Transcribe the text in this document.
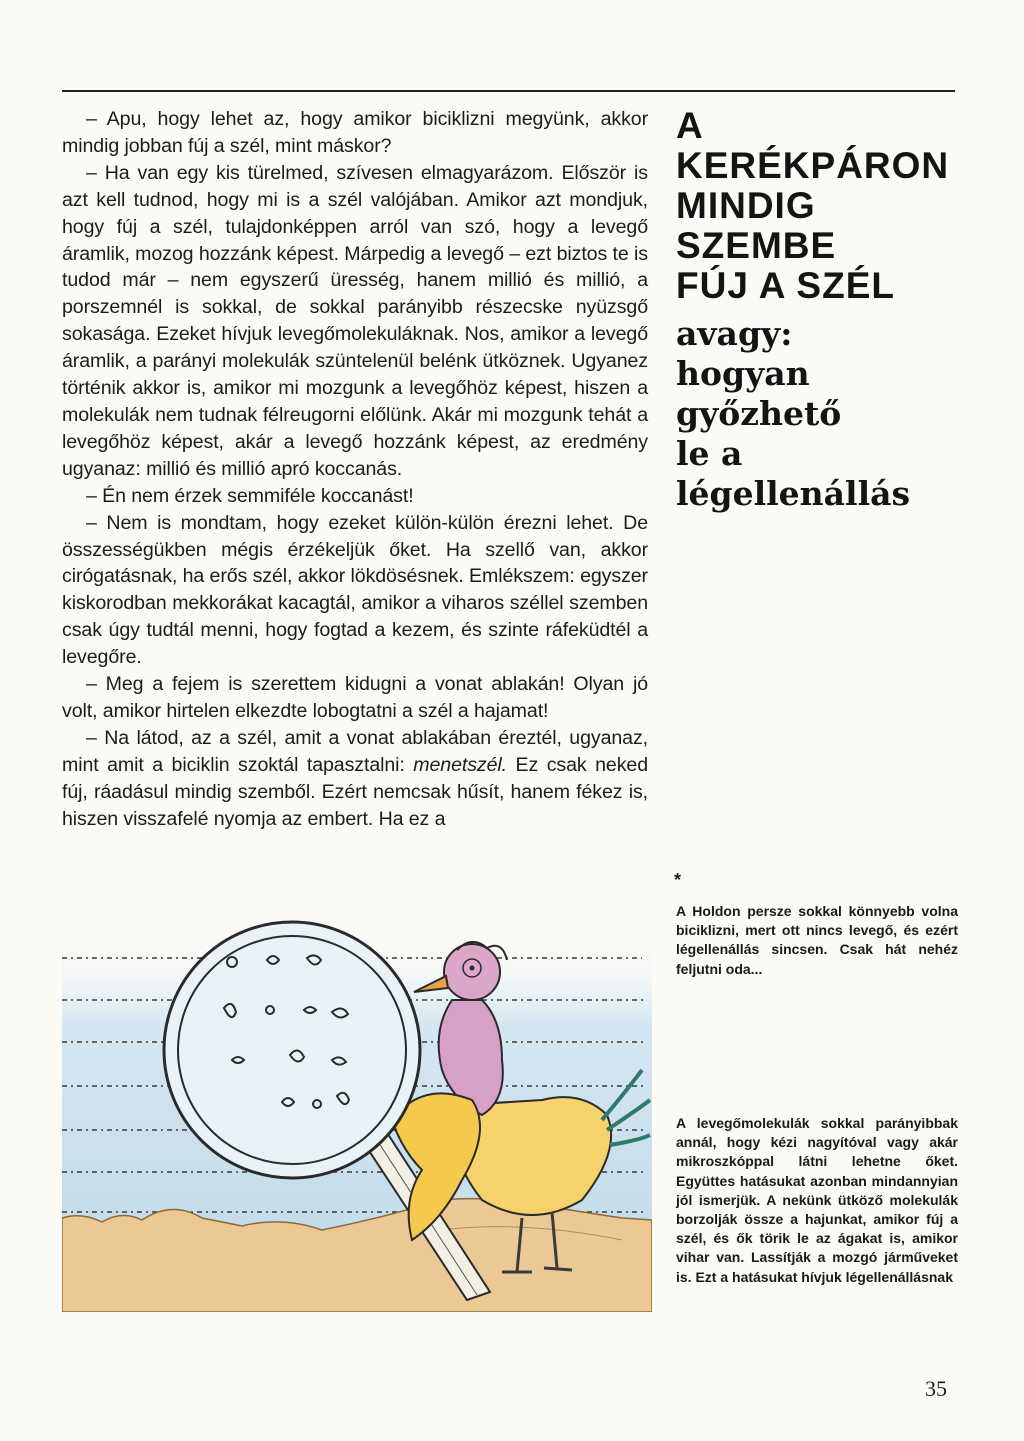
– Apu, hogy lehet az, hogy amikor biciklizni megyünk, akkor mindig jobban fúj a szél, mint máskor?

– Ha van egy kis türelmed, szívesen elmagyarázom. Először is azt kell tudnod, hogy mi is a szél valójában. Amikor azt mondjuk, hogy fúj a szél, tulajdonképpen arról van szó, hogy a levegő áramlik, mozog hozzánk képest. Márpedig a levegő – ezt biztos te is tudod már – nem egyszerű üresség, hanem millió és millió, a porszemnél is sokkal, de sokkal parányibb részecske nyüzsgő sokasága. Ezeket hívjuk levegőmolekuláknak. Nos, amikor a levegő áramlik, a parányi molekulák szüntelenül belénk ütköznek. Ugyanez történik akkor is, amikor mi mozgunk a levegőhöz képest, hiszen a molekulák nem tudnak félreugorni előlünk. Akár mi mozgunk tehát a levegőhöz képest, akár a levegő hozzánk képest, az eredmény ugyanaz: millió és millió apró koccanás.

– Én nem érzek semmiféle koccanást!

– Nem is mondtam, hogy ezeket külön-külön érezni lehet. De összességükben mégis érzékeljük őket. Ha szellő van, akkor cirógatásnak, ha erős szél, akkor lökdösésnek. Emlékszem: egyszer kiskorodban mekkorákat kacagtál, amikor a viharos széllel szemben csak úgy tudtál menni, hogy fogtad a kezem, és szinte ráfeküdtél a levegőre.

– Meg a fejem is szerettem kidugni a vonat ablakán! Olyan jó volt, amikor hirtelen elkezdte lobogtatni a szél a hajamat!

– Na látod, az a szél, amit a vonat ablakában éreztél, ugyanaz, mint amit a biciklin szoktál tapasztalni: menetszél. Ez csak neked fúj, ráadásul mindig szemből. Ezért nemcsak hűsít, hanem fékez is, hiszen visszafelé nyomja az embert. Ha ez a

A KERÉKPÁRON
MINDIG SZEMBE
FÚJ A SZÉL
avagy:
hogyan győzhető
le a légellenállás
*
A Holdon persze sokkal könnyebb volna biciklizni, mert ott nincs levegő, és ezért légellenállás sincsen. Csak hát nehéz feljutni oda...
A levegőmolekulák sokkal parányibbak annál, hogy kézi nagyítóval vagy akár mikroszkóppal látni lehetne őket. Együttes hatásukat azonban mindannyian jól ismerjük. A nekünk ütköző molekulák borzolják össze a hajunkat, amikor fúj a szél, és ők törik le az ágakat is, amikor vihar van. Lassítják a mozgó járműveket is. Ezt a hatásukat hívjuk légellenállásnak
35
